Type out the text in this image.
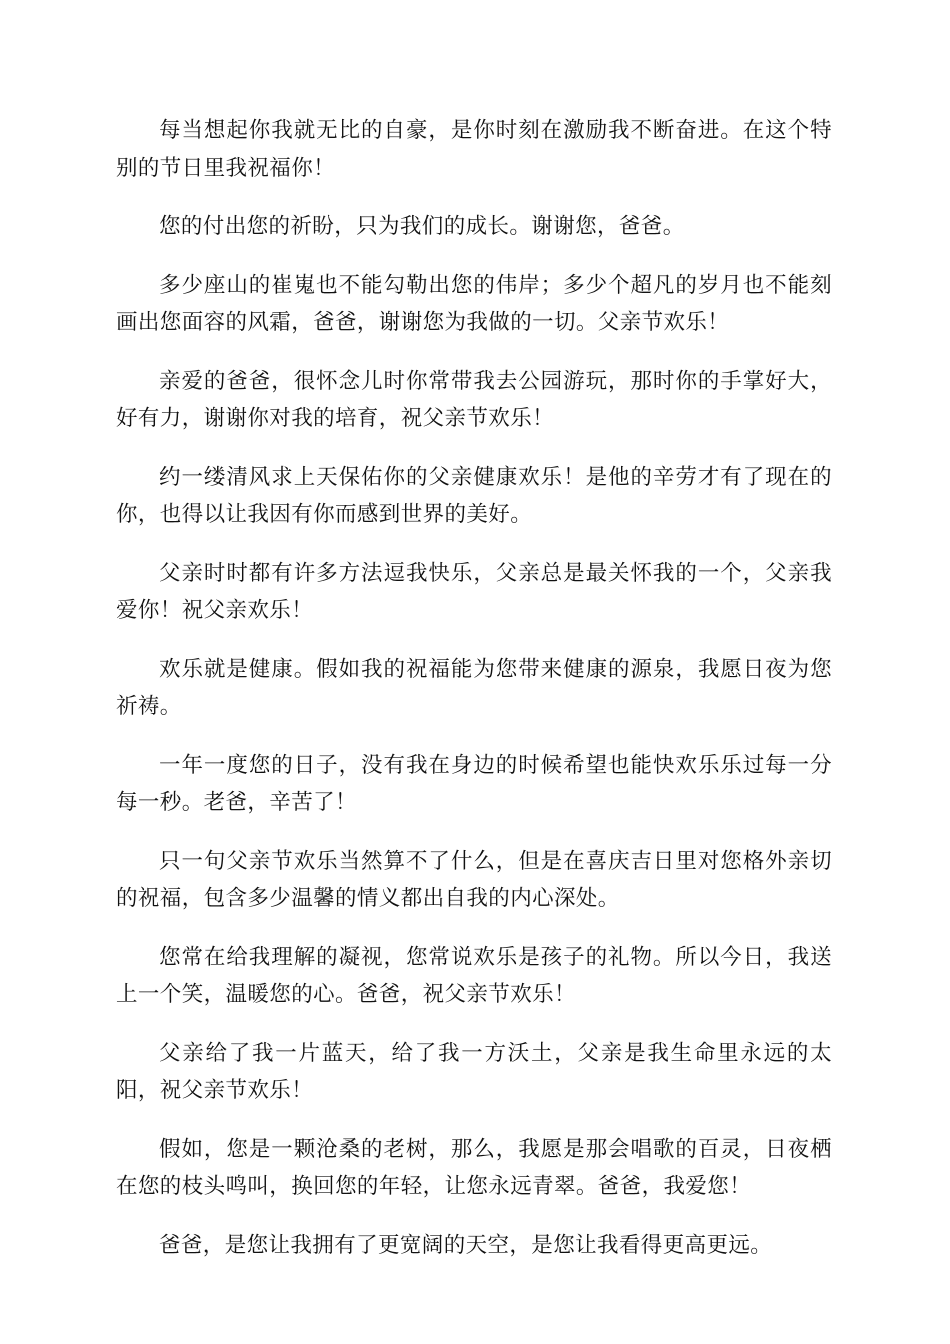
每当想起你我就无比的自豪，是你时刻在激励我不断奋进。在这个特别的节日里我祝福你！

您的付出您的祈盼，只为我们的成长。谢谢您，爸爸。

多少座山的崔嵬也不能勾勒出您的伟岸；多少个超凡的岁月也不能刻画出您面容的风霜，爸爸，谢谢您为我做的一切。父亲节欢乐！

亲爱的爸爸，很怀念儿时你常带我去公园游玩，那时你的手掌好大，好有力，谢谢你对我的培育，祝父亲节欢乐！

约一缕清风求上天保佑你的父亲健康欢乐！是他的辛劳才有了现在的你，也得以让我因有你而感到世界的美好。

父亲时时都有许多方法逗我快乐，父亲总是最关怀我的一个，父亲我爱你！祝父亲欢乐！

欢乐就是健康。假如我的祝福能为您带来健康的源泉，我愿日夜为您祈祷。

一年一度您的日子，没有我在身边的时候希望也能快欢乐乐过每一分每一秒。老爸，辛苦了！

只一句父亲节欢乐当然算不了什么，但是在喜庆吉日里对您格外亲切的祝福，包含多少温馨的情义都出自我的内心深处。

您常在给我理解的凝视，您常说欢乐是孩子的礼物。所以今日，我送上一个笑，温暖您的心。爸爸，祝父亲节欢乐！

父亲给了我一片蓝天，给了我一方沃土，父亲是我生命里永远的太阳，祝父亲节欢乐！

假如，您是一颗沧桑的老树，那么，我愿是那会唱歌的百灵，日夜栖在您的枝头鸣叫，换回您的年轻，让您永远青翠。爸爸，我爱您！

爸爸，是您让我拥有了更宽阔的天空，是您让我看得更高更远。
